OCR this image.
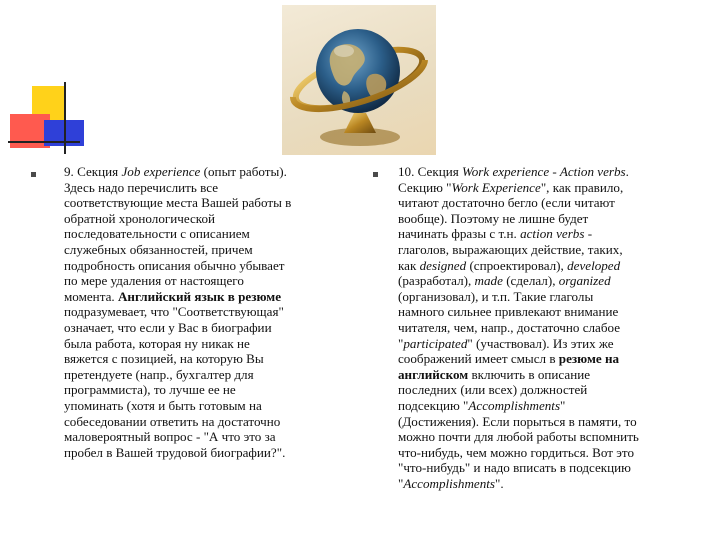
9. Секция Job experience (опыт работы).
Здесь надо перечислить все
соответствующие места Вашей работы в
обратной хронологической
последовательности с описанием
служебных обязанностей, причем
подробность описания обычно убывает
по мере удаления от настоящего
момента. Английский язык в резюме
подразумевает, что "Соответствующая"
означает, что если у Вас в биографии
была работа, которая ну никак не
вяжется с позицией, на которую Вы
претендуете (напр., бухгалтер для
программиста), то лучше ее не
упоминать (хотя и быть готовым на
собеседовании ответить на достаточно
маловероятный вопрос - "А что это за
пробел в Вашей трудовой биографии?".
10. Секция Work experience - Action verbs.
Секцию "Work Experience", как правило,
читают достаточно бегло (если читают
вообще). Поэтому не лишне будет
начинать фразы с т.н. action verbs -
глаголов, выражающих действие, таких,
как designed (спроектировал), developed
(разработал), made (сделал), organized
(организовал), и т.п. Такие глаголы
намного сильнее привлекают внимание
читателя, чем, напр., достаточно слабое
"participated" (участвовал). Из этих же
соображений имеет смысл в резюме на
английском включить в описание
последних (или всех) должностей
подсекцию "Accomplishments"
(Достижения). Если порыться в памяти, то
можно почти для любой работы вспомнить
что-нибудь, чем можно гордиться. Вот это
"что-нибудь" и надо вписать в подсекцию
"Accomplishments".
